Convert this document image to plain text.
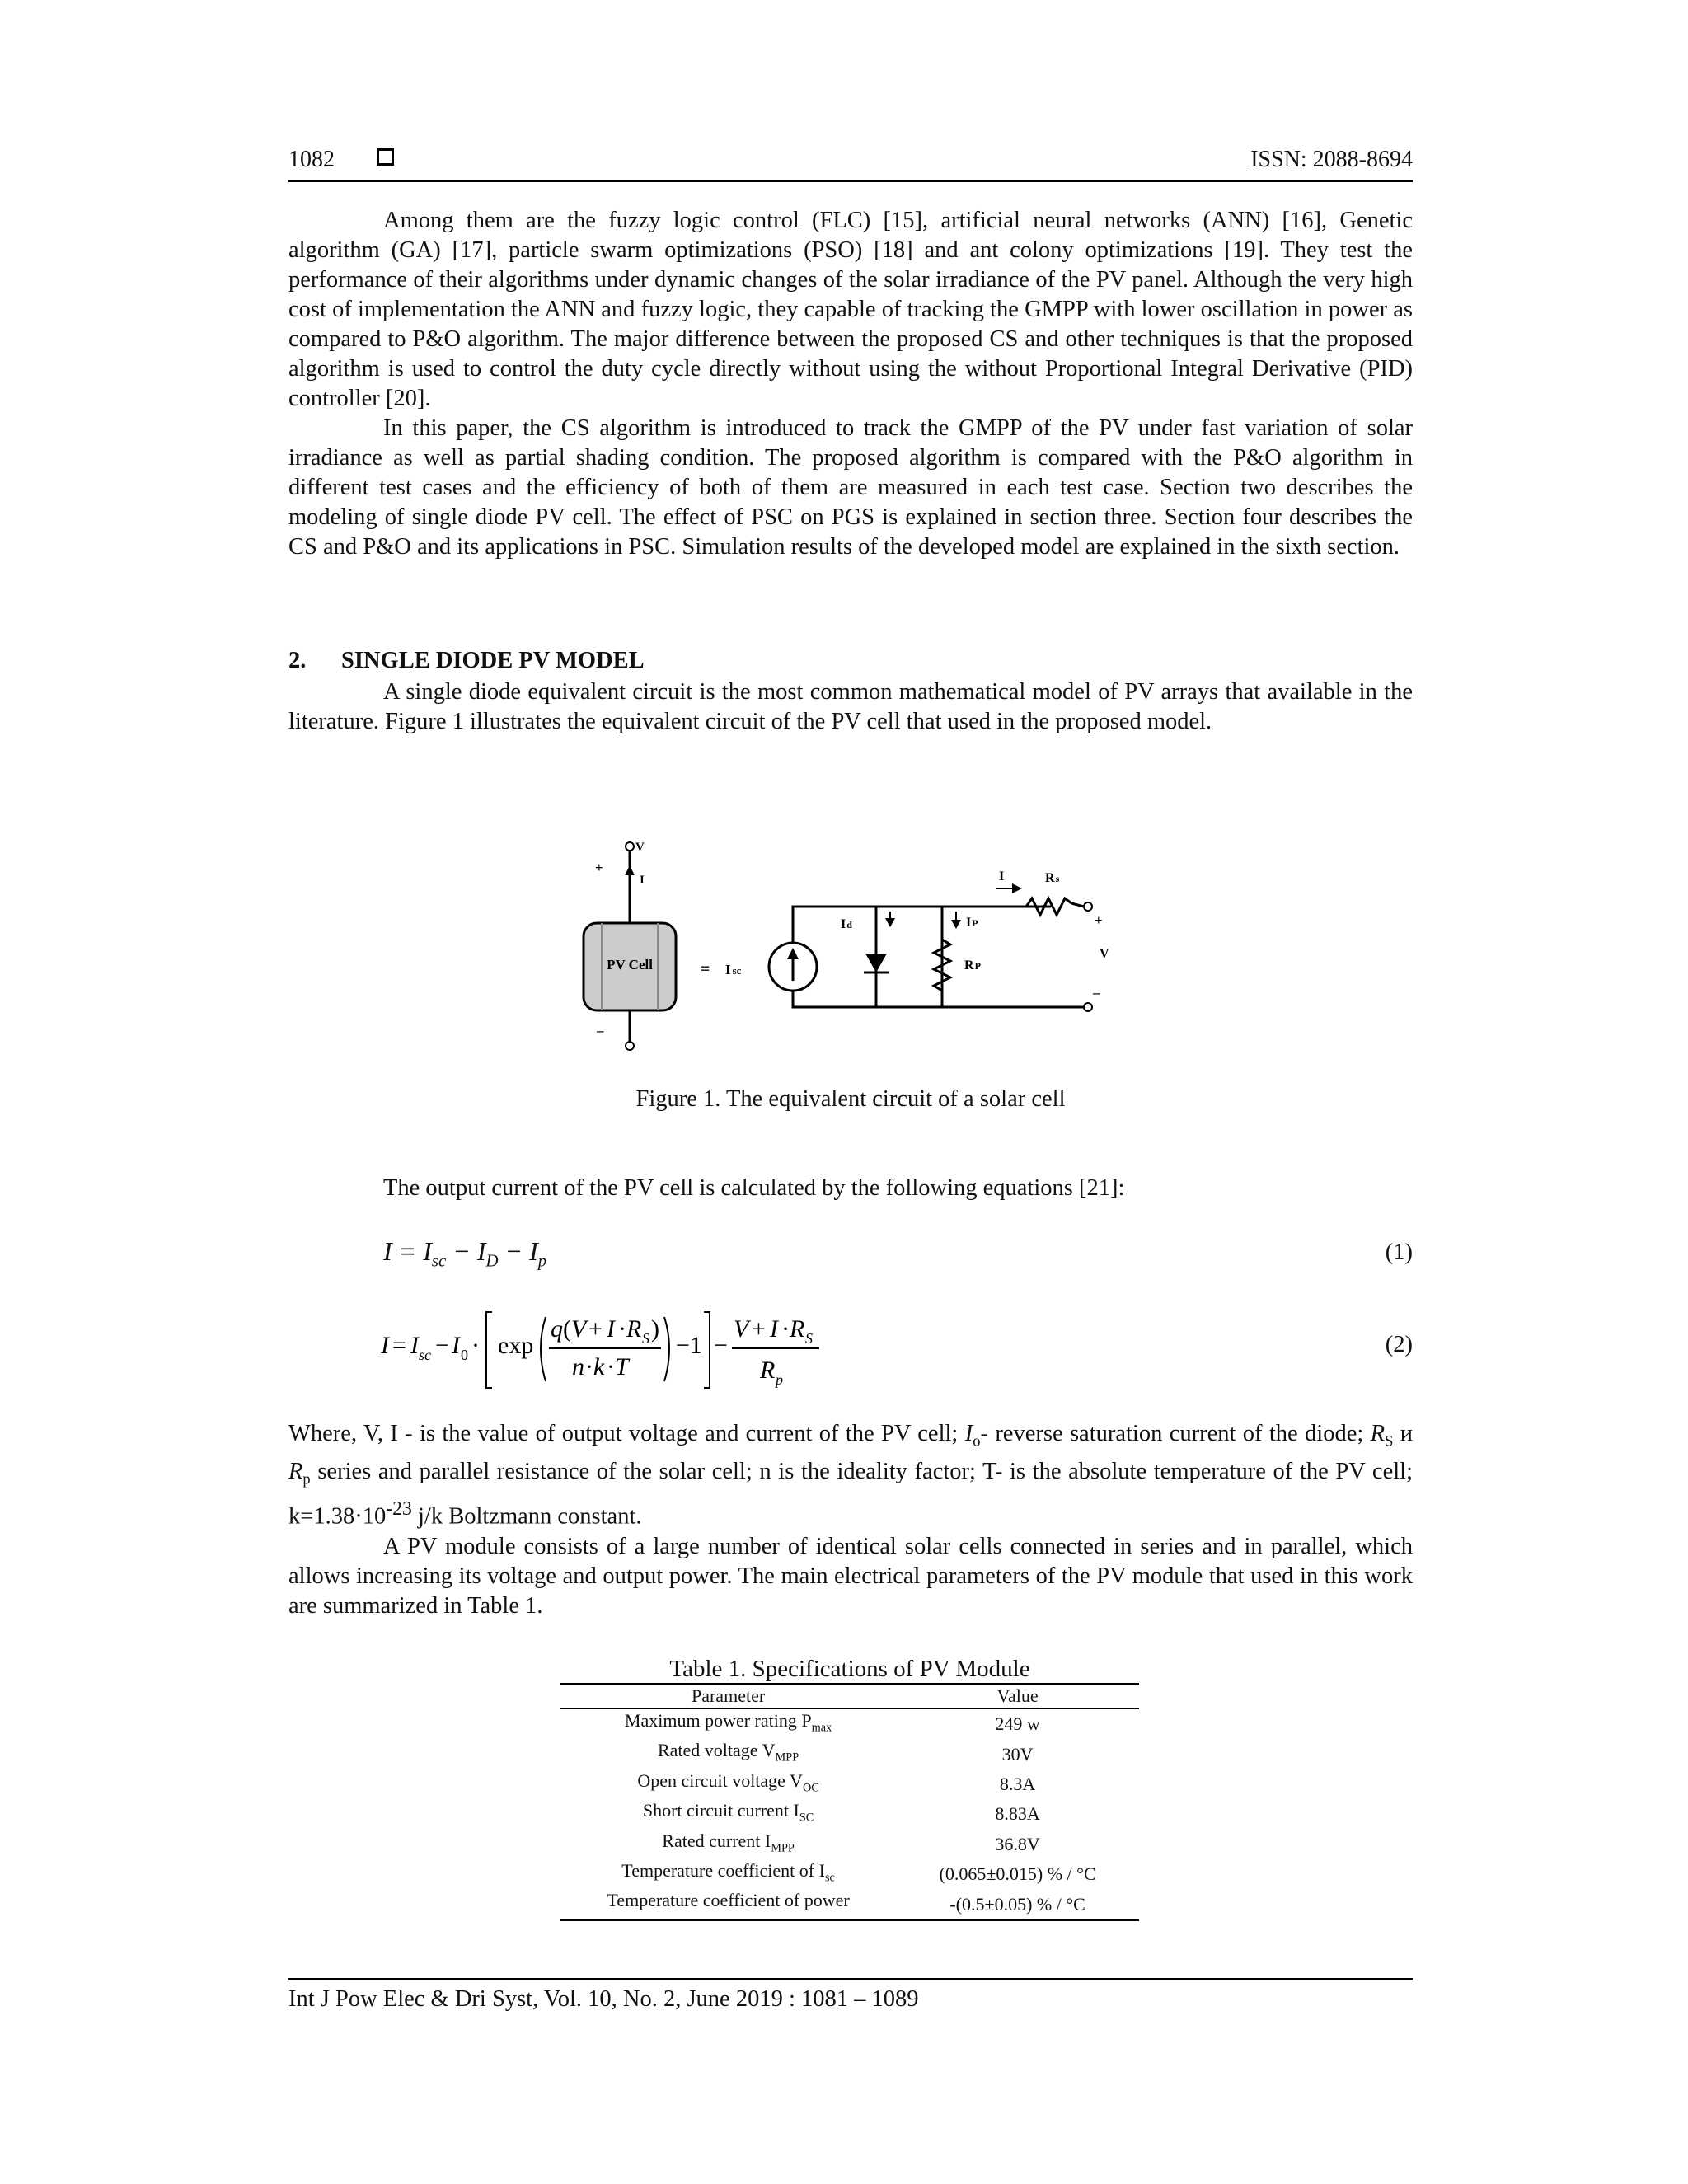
1082	ISSN: 2088-8694

Among them are the fuzzy logic control (FLC) [15], artificial neural networks (ANN) [16], Genetic algorithm (GA) [17], particle swarm optimizations (PSO) [18] and ant colony optimizations [19]. They test the performance of their algorithms under dynamic changes of the solar irradiance of the PV panel. Although the very high cost of implementation the ANN and fuzzy logic, they capable of tracking the GMPP with lower oscillation in power as compared to P&O algorithm. The major difference between the proposed CS and other techniques is that the proposed algorithm is used to control the duty cycle directly without using the without Proportional Integral Derivative (PID) controller [20].

In this paper, the CS algorithm is introduced to track the GMPP of the PV under fast variation of solar irradiance as well as partial shading condition. The proposed algorithm is compared with the P&O algorithm in different test cases and the efficiency of both of them are measured in each test case. Section two describes the modeling of single diode PV cell. The effect of PSC on PGS is explained in section three. Section four describes the CS and P&O and its applications in PSC. Simulation results of the developed model are explained in the sixth section.

2. SINGLE DIODE PV MODEL

A single diode equivalent circuit is the most common mathematical model of PV arrays that available in the literature. Figure 1 illustrates the equivalent circuit of the PV cell that used in the proposed model.

PV Cell
V
+
I
–
= I sc
Id	IP
RP
I	Rs
+
V
–
Figure 1. The equivalent circuit of a solar cell

The output current of the PV cell is calculated by the following equations [21]:

$I = I_{sc} - I_D - I_p$	(1)
I = I sc − I 0 · exp
q ( V + I · R S )
n · k · T
−1 −
V + I · R S
R p
(2)

Where, V, I - is the value of output voltage and current of the PV cell; $I_o-$ reverse saturation current of the diode; $R_S$ и $R_p$ series and parallel resistance of the solar cell; n is the ideality factor; T- is the absolute temperature of the PV cell; $k=1.38\cdot 10^{-23}$ j/k Boltzmann constant.

A PV module consists of a large number of identical solar cells connected in series and in parallel, which allows increasing its voltage and output power. The main electrical parameters of the PV module that used in this work are summarized in Table 1.

Table 1. Specifications of PV Module
Parameter	Value
Maximum power rating $P_{max}$	249 w
Rated voltage $V_{MPP}$	30V
Open circuit voltage $V_{OC}$	8.3A
Short circuit current $I_{SC}$	8.83A
Rated current $I_{MPP}$	36.8V
Temperature coefficient of $I_{sc}$	(0.065±0.015) % / °C
Temperature coefficient of power	-(0.5±0.05) % / °C
Int J Pow Elec & Dri Syst, Vol. 10, No. 2, June 2019 : 1081 – 1089
